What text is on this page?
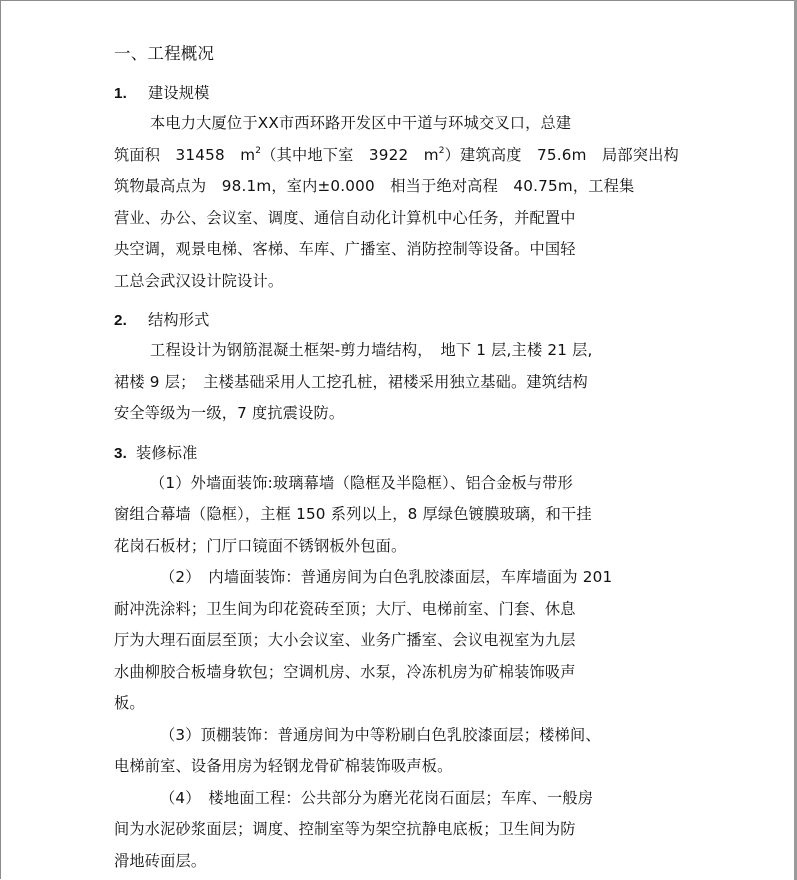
一、工程概况
1. 建设规模
本电力大厦位于XX市西环路开发区中干道与环城交叉口，总建
筑面积　31458　$m^2$（其中地下室　3922　$m^2$）建筑高度　75.6m　局部突出构
筑物最高点为　98.1m，室内±0.000　相当于绝对高程　40.75m，工程集
营业、办公、会议室、调度、通信自动化计算机中心任务，并配置中
央空调，观景电梯、客梯、车库、广播室、消防控制等设备。中国轻
工总会武汉设计院设计。
2. 结构形式
工程设计为钢筋混凝土框架-剪力墙结构，　地下 1 层,主楼 21 层,
裙楼 9 层；　主楼基础采用人工挖孔桩，裙楼采用独立基础。建筑结构
安全等级为一级，7 度抗震设防。
3. 装修标准
（1）外墙面装饰:玻璃幕墙（隐框及半隐框）、铝合金板与带形
窗组合幕墙（隐框），主框 150 系列以上，8 厚绿色镀膜玻璃，和干挂
花岗石板材；门厅口镜面不锈钢板外包面。
（2）　内墙面装饰：普通房间为白色乳胶漆面层，车库墙面为 201
耐冲洗涂料；卫生间为印花瓷砖至顶；大厅、电梯前室、门套、休息
厅为大理石面层至顶；大小会议室、业务广播室、会议电视室为九层
水曲柳胶合板墙身软包；空调机房、水泵，冷冻机房为矿棉装饰吸声
板。
（3）顶棚装饰：普通房间为中等粉刷白色乳胶漆面层；楼梯间、
电梯前室、设备用房为轻钢龙骨矿棉装饰吸声板。
（4）　楼地面工程：公共部分为磨光花岗石面层；车库、一般房
间为水泥砂浆面层；调度、控制室等为架空抗静电底板；卫生间为防
滑地砖面层。
